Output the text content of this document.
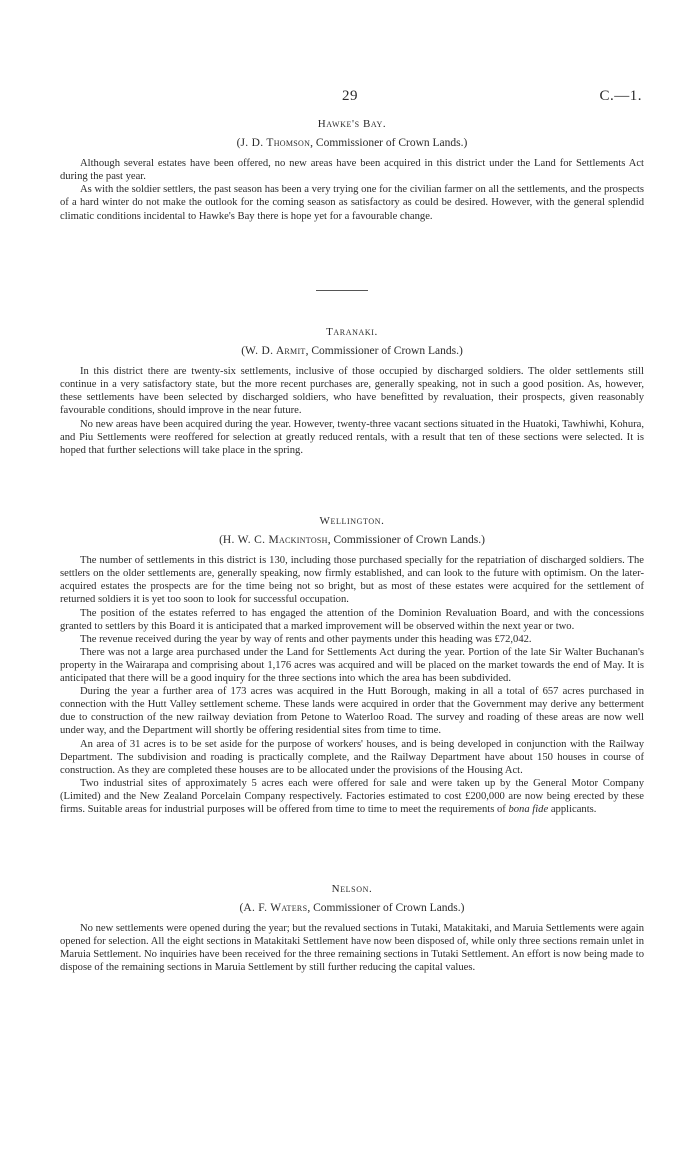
29	C.—1.
Hawke's Bay.
(J. D. Thomson, Commissioner of Crown Lands.)

Although several estates have been offered, no new areas have been acquired in this district under the Land for Settlements Act during the past year.

As with the soldier settlers, the past season has been a very trying one for the civilian farmer on all the settlements, and the prospects of a hard winter do not make the outlook for the coming season as satisfactory as could be desired. However, with the general splendid climatic conditions incidental to Hawke's Bay there is hope yet for a favourable change.

Taranaki.
(W. D. Armit, Commissioner of Crown Lands.)

In this district there are twenty-six settlements, inclusive of those occupied by discharged soldiers. The older settlements still continue in a very satisfactory state, but the more recent purchases are, generally speaking, not in such a good position. As, however, these settlements have been selected by discharged soldiers, who have benefitted by revaluation, their prospects, given reasonably favourable conditions, should improve in the near future.

No new areas have been acquired during the year. However, twenty-three vacant sections situated in the Huatoki, Tawhiwhi, Kohura, and Piu Settlements were reoffered for selection at greatly reduced rentals, with a result that ten of these sections were selected. It is hoped that further selections will take place in the spring.

Wellington.
(H. W. C. Mackintosh, Commissioner of Crown Lands.)

The number of settlements in this district is 130, including those purchased specially for the repatriation of discharged soldiers. The settlers on the older settlements are, generally speaking, now firmly established, and can look to the future with optimism. On the later-acquired estates the prospects are for the time being not so bright, but as most of these estates were acquired for the settlement of returned soldiers it is yet too soon to look for successful occupation.

The position of the estates referred to has engaged the attention of the Dominion Revaluation Board, and with the concessions granted to settlers by this Board it is anticipated that a marked improvement will be observed within the next year or two.

The revenue received during the year by way of rents and other payments under this heading was £72,042.

There was not a large area purchased under the Land for Settlements Act during the year. Portion of the late Sir Walter Buchanan's property in the Wairarapa and comprising about 1,176 acres was acquired and will be placed on the market towards the end of May. It is anticipated that there will be a good inquiry for the three sections into which the area has been subdivided.

During the year a further area of 173 acres was acquired in the Hutt Borough, making in all a total of 657 acres purchased in connection with the Hutt Valley settlement scheme. These lands were acquired in order that the Government may derive any betterment due to construction of the new railway deviation from Petone to Waterloo Road. The survey and roading of these areas are now well under way, and the Department will shortly be offering residential sites from time to time.

An area of 31 acres is to be set aside for the purpose of workers' houses, and is being developed in conjunction with the Railway Department. The subdivision and roading is practically complete, and the Railway Department have about 150 houses in course of construction. As they are completed these houses are to be allocated under the provisions of the Housing Act.

Two industrial sites of approximately 5 acres each were offered for sale and were taken up by the General Motor Company (Limited) and the New Zealand Porcelain Company respectively. Factories estimated to cost £200,000 are now being erected by these firms. Suitable areas for industrial purposes will be offered from time to time to meet the requirements of bona fide applicants.

Nelson.
(A. F. Waters, Commissioner of Crown Lands.)

No new settlements were opened during the year; but the revalued sections in Tutaki, Matakitaki, and Maruia Settlements were again opened for selection. All the eight sections in Matakitaki Settlement have now been disposed of, while only three sections remain unlet in Maruia Settlement. No inquiries have been received for the three remaining sections in Tutaki Settlement. An effort is now being made to dispose of the remaining sections in Maruia Settlement by still further reducing the capital values.
